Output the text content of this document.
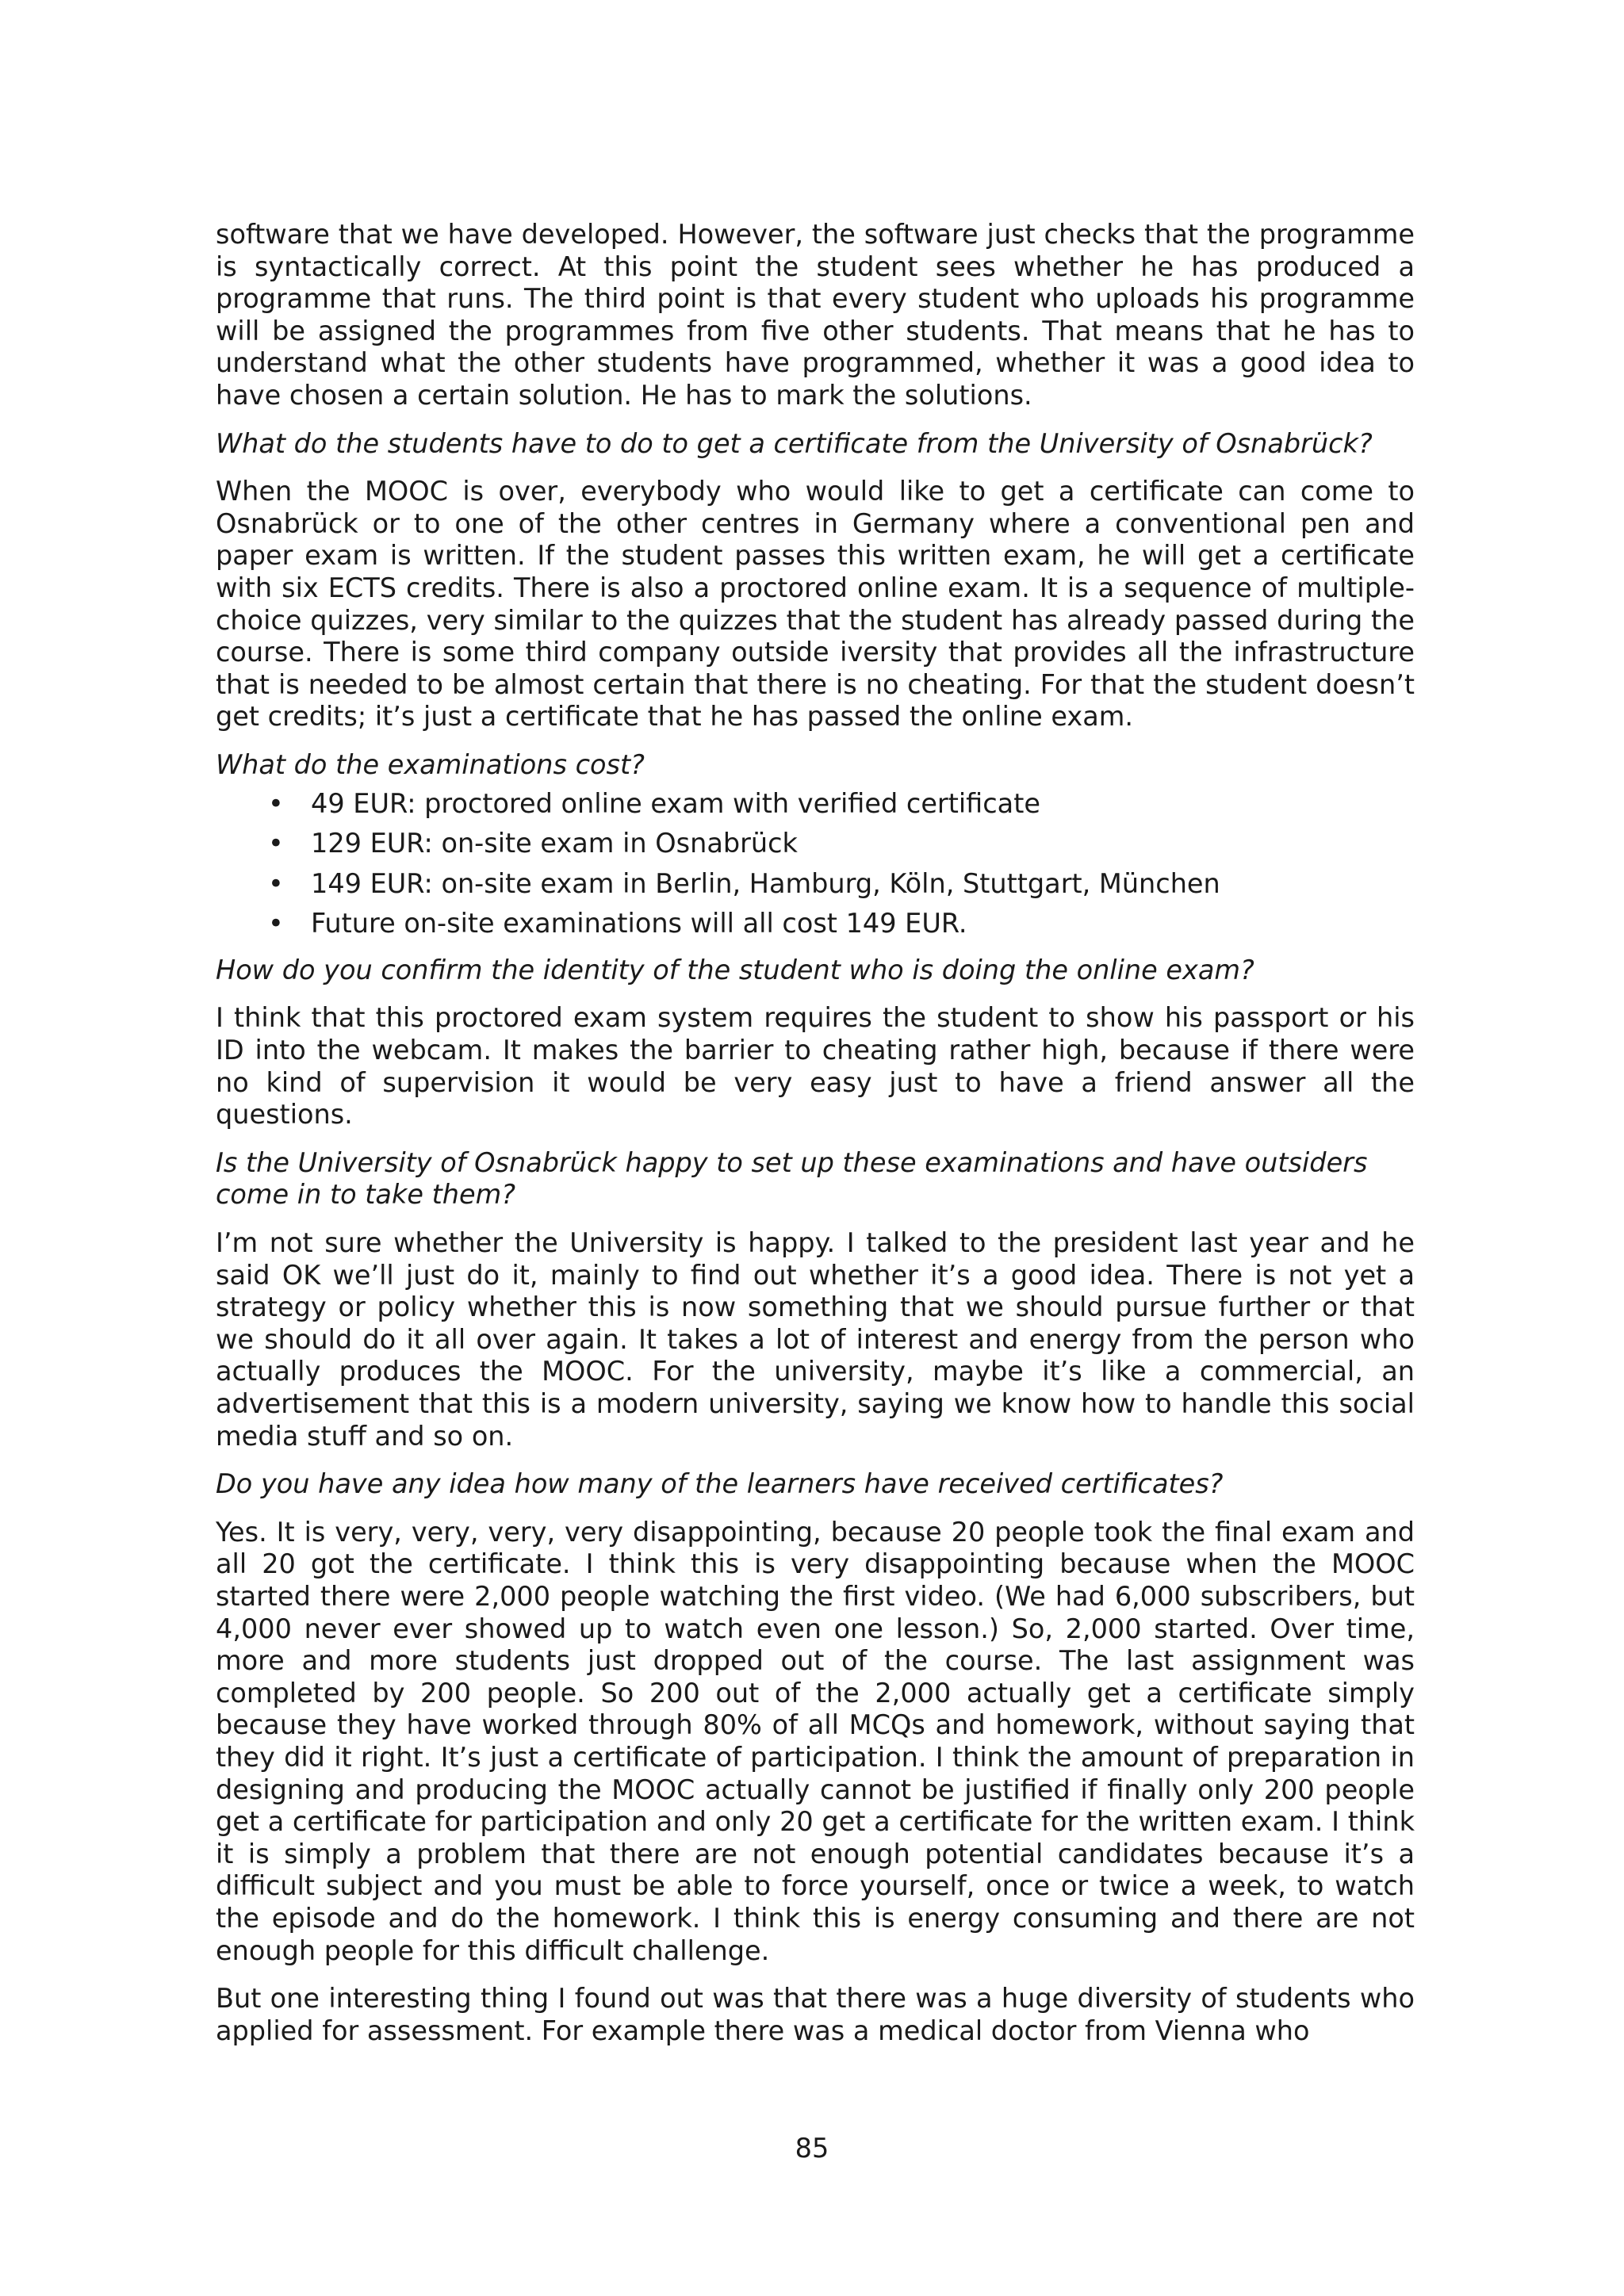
software that we have developed. However, the software just checks that the programme is syntactically correct. At this point the student sees whether he has produced a programme that runs. The third point is that every student who uploads his programme will be assigned the programmes from five other students. That means that he has to understand what the other students have programmed, whether it was a good idea to have chosen a certain solution. He has to mark the solutions.

What do the students have to do to get a certificate from the University of Osnabrück?

When the MOOC is over, everybody who would like to get a certificate can come to Osnabrück or to one of the other centres in Germany where a conventional pen and paper exam is written. If the student passes this written exam, he will get a certificate with six ECTS credits. There is also a proctored online exam. It is a sequence of multiple-choice quizzes, very similar to the quizzes that the student has already passed during the course. There is some third company outside iversity that provides all the infrastructure that is needed to be almost certain that there is no cheating. For that the student doesn’t get credits; it’s just a certificate that he has passed the online exam.

What do the examinations cost?

• 49 EUR: proctored online exam with verified certificate
• 129 EUR: on-site exam in Osnabrück
• 149 EUR: on-site exam in Berlin, Hamburg, Köln, Stuttgart, München
• Future on-site examinations will all cost 149 EUR.

How do you confirm the identity of the student who is doing the online exam?

I think that this proctored exam system requires the student to show his passport or his ID into the webcam. It makes the barrier to cheating rather high, because if there were no kind of supervision it would be very easy just to have a friend answer all the questions.

Is the University of Osnabrück happy to set up these examinations and have outsiders come in to take them?

I’m not sure whether the University is happy. I talked to the president last year and he said OK we’ll just do it, mainly to find out whether it’s a good idea. There is not yet a strategy or policy whether this is now something that we should pursue further or that we should do it all over again. It takes a lot of interest and energy from the person who actually produces the MOOC. For the university, maybe it’s like a commercial, an advertisement that this is a modern university, saying we know how to handle this social media stuff and so on.

Do you have any idea how many of the learners have received certificates?

Yes. It is very, very, very, very disappointing, because 20 people took the final exam and all 20 got the certificate. I think this is very disappointing because when the MOOC started there were 2,000 people watching the first video. (We had 6,000 subscribers, but 4,000 never ever showed up to watch even one lesson.) So, 2,000 started. Over time, more and more students just dropped out of the course. The last assignment was completed by 200 people. So 200 out of the 2,000 actually get a certificate simply because they have worked through 80% of all MCQs and homework, without saying that they did it right. It’s just a certificate of participation. I think the amount of preparation in designing and producing the MOOC actually cannot be justified if finally only 200 people get a certificate for participation and only 20 get a certificate for the written exam. I think it is simply a problem that there are not enough potential candidates because it’s a difficult subject and you must be able to force yourself, once or twice a week, to watch the episode and do the homework. I think this is energy consuming and there are not enough people for this difficult challenge.

But one interesting thing I found out was that there was a huge diversity of students who applied for assessment. For example there was a medical doctor from Vienna who

85
